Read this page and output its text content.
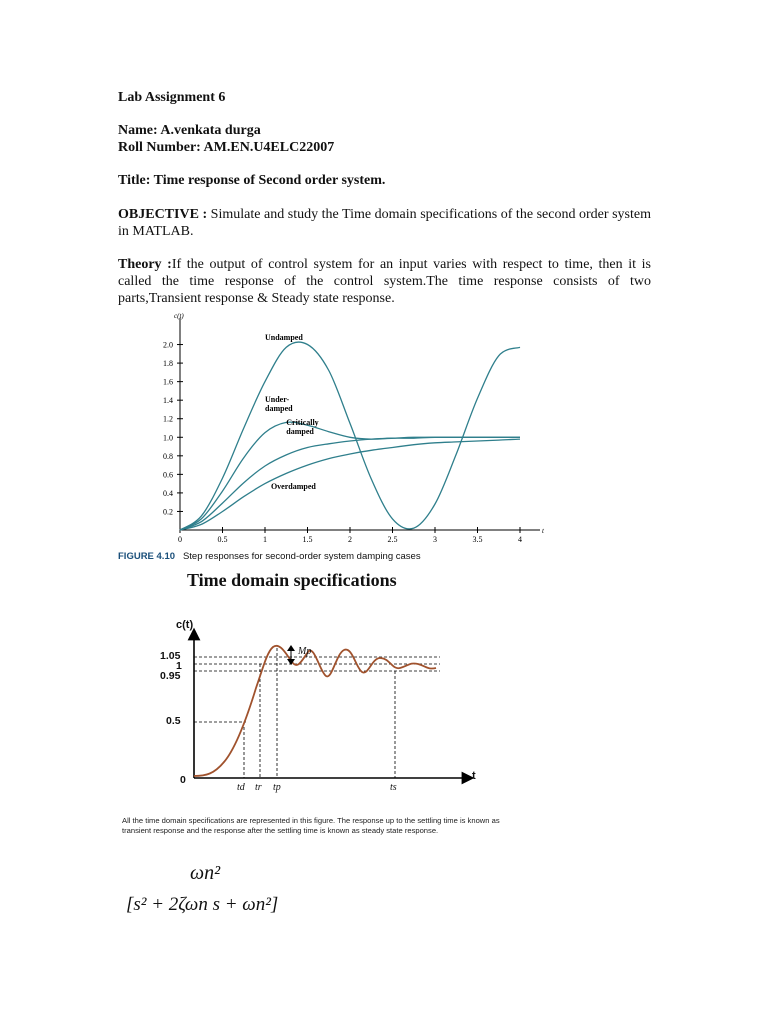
Lab Assignment 6
Name: A.venkata durga
Roll Number: AM.EN.U4ELC22007
Title: Time response of Second order system.
OBJECTIVE : Simulate and study the Time domain specifications of the second order system in MATLAB.
Theory :If the output of control system for an input varies with respect to time, then it is called the time response of the control system.The time response consists of two parts,Transient response & Steady state response.
0.2
0.4
0.6
0.8
1.0
1.2
1.4
1.6
1.8
2.0
0	0.5	1	1.5	2	2.5	3	3.5	4
c(t)
t
Undamped
Under-damped
Critically damped
Overdamped
FIGURE 4.10 Step responses for second-order system damping cases
Time domain specifications
c(t)
t
1.05
1
0.95
0.5
0
Mp
td tr tp	ts
All the time domain specifications are represented in this figure. The response up to the settling time is known as transient response and the response after the settling time is known as steady state response.
ωn²
[s² + 2ζωn s + ωn²]
